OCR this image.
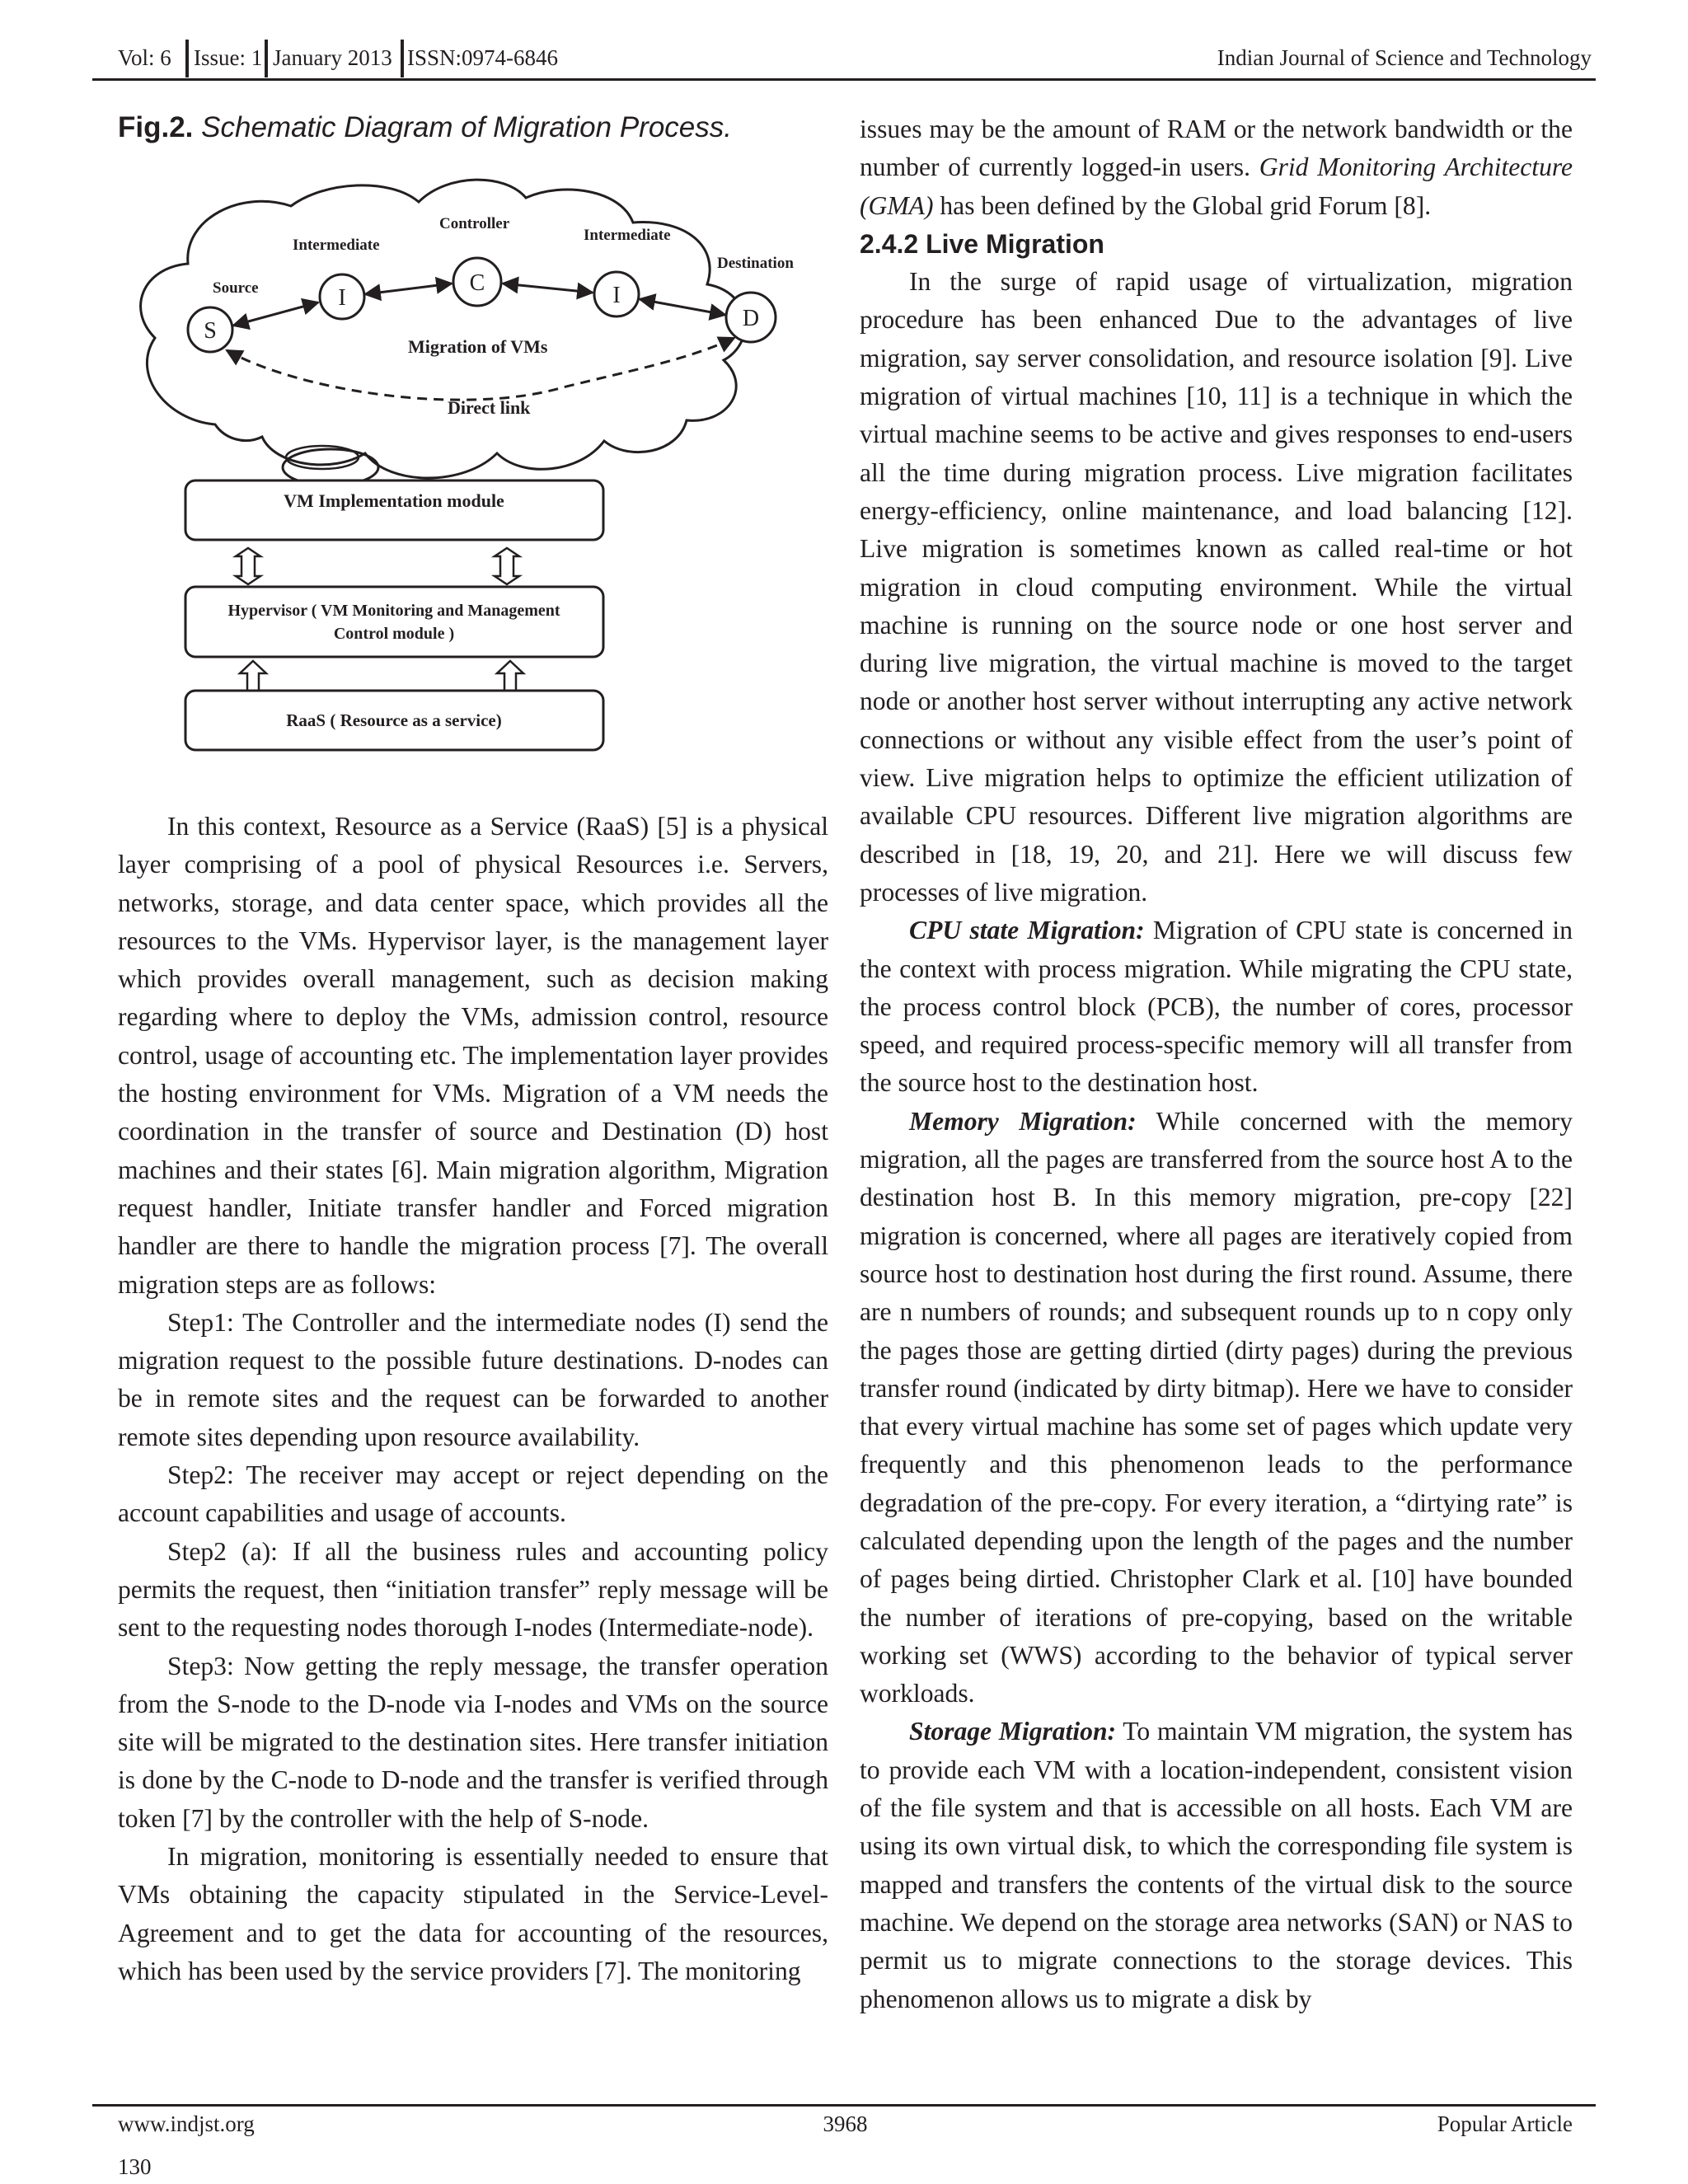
Vol: 6 Issue: 1 January 2013 ISSN:0974-6846	Indian Journal of Science and Technology
Fig.2. Schematic Diagram of Migration Process.
Source
Intermediate
Controller
Intermediate
Destination
S
I
C	I
D
Migration of VMs
Direct link
VM Implementation module
Hypervisor ( VM Monitoring and Management
Control module )
RaaS ( Resource as a service)

In this context, Resource as a Service (RaaS) [5] is a physical layer comprising of a pool of physical Resources i.e. Servers, networks, storage, and data center space, which provides all the resources to the VMs. Hypervisor layer, is the management layer which provides overall management, such as decision making regarding where to deploy the VMs, admission control, resource control, usage of accounting etc. The implementation layer provides the hosting environment for VMs. Migration of a VM needs the coordination in the transfer of source and Destination (D) host machines and their states [6]. Main migration algorithm, Migration request handler, Initiate transfer handler and Forced migration handler are there to handle the migration process [7]. The overall migration steps are as follows:

Step1: The Controller and the intermediate nodes (I) send the migration request to the possible future destinations. D-nodes can be in remote sites and the request can be forwarded to another remote sites depending upon resource availability.

Step2: The receiver may accept or reject depending on the account capabilities and usage of accounts.

Step2 (a): If all the business rules and accounting policy permits the request, then “initiation transfer” reply message will be sent to the requesting nodes thorough I-nodes (Intermediate-node).

Step3: Now getting the reply message, the transfer operation from the S-node to the D-node via I-nodes and VMs on the source site will be migrated to the destination sites. Here transfer initiation is done by the C-node to D-node and the transfer is verified through token [7] by the controller with the help of S-node.

In migration, monitoring is essentially needed to ensure that VMs obtaining the capacity stipulated in the Service-Level-Agreement and to get the data for accounting of the resources, which has been used by the service providers [7]. The monitoring

issues may be the amount of RAM or the network bandwidth or the number of currently logged-in users. Grid Monitoring Architecture (GMA) has been defined by the Global grid Forum [8].

2.4.2 Live Migration

In the surge of rapid usage of virtualization, migration procedure has been enhanced Due to the advantages of live migration, say server consolidation, and resource isolation [9]. Live migration of virtual machines [10, 11] is a technique in which the virtual machine seems to be active and gives responses to end-users all the time during migration process. Live migration facilitates energy-efficiency, online maintenance, and load balancing [12]. Live migration is sometimes known as called real-time or hot migration in cloud computing environment. While the virtual machine is running on the source node or one host server and during live migration, the virtual machine is moved to the target node or another host server without interrupting any active network connections or without any visible effect from the user’s point of view. Live migration helps to optimize the efficient utilization of available CPU resources. Different live migration algorithms are described in [18, 19, 20, and 21]. Here we will discuss few processes of live migration.

CPU state Migration: Migration of CPU state is concerned in the context with process migration. While migrating the CPU state, the process control block (PCB), the number of cores, processor speed, and required process-specific memory will all transfer from the source host to the destination host.

Memory Migration: While concerned with the memory migration, all the pages are transferred from the source host A to the destination host B. In this memory migration, pre-copy [22] migration is concerned, where all pages are iteratively copied from source host to destination host during the first round. Assume, there are n numbers of rounds; and subsequent rounds up to n copy only the pages those are getting dirtied (dirty pages) during the previous transfer round (indicated by dirty bitmap). Here we have to consider that every virtual machine has some set of pages which update very frequently and this phenomenon leads to the performance degradation of the pre-copy. For every iteration, a “dirtying rate” is calculated depending upon the length of the pages and the number of pages being dirtied. Christopher Clark et al. [10] have bounded the number of iterations of pre-copying, based on the writable working set (WWS) according to the behavior of typical server workloads.

Storage Migration: To maintain VM migration, the system has to provide each VM with a location-independent, consistent vision of the file system and that is accessible on all hosts. Each VM are using its own virtual disk, to which the corresponding file system is mapped and transfers the contents of the virtual disk to the source machine. We depend on the storage area networks (SAN) or NAS to permit us to migrate connections to the storage devices. This phenomenon allows us to migrate a disk by

www.indjst.org	3968	Popular Article
130
